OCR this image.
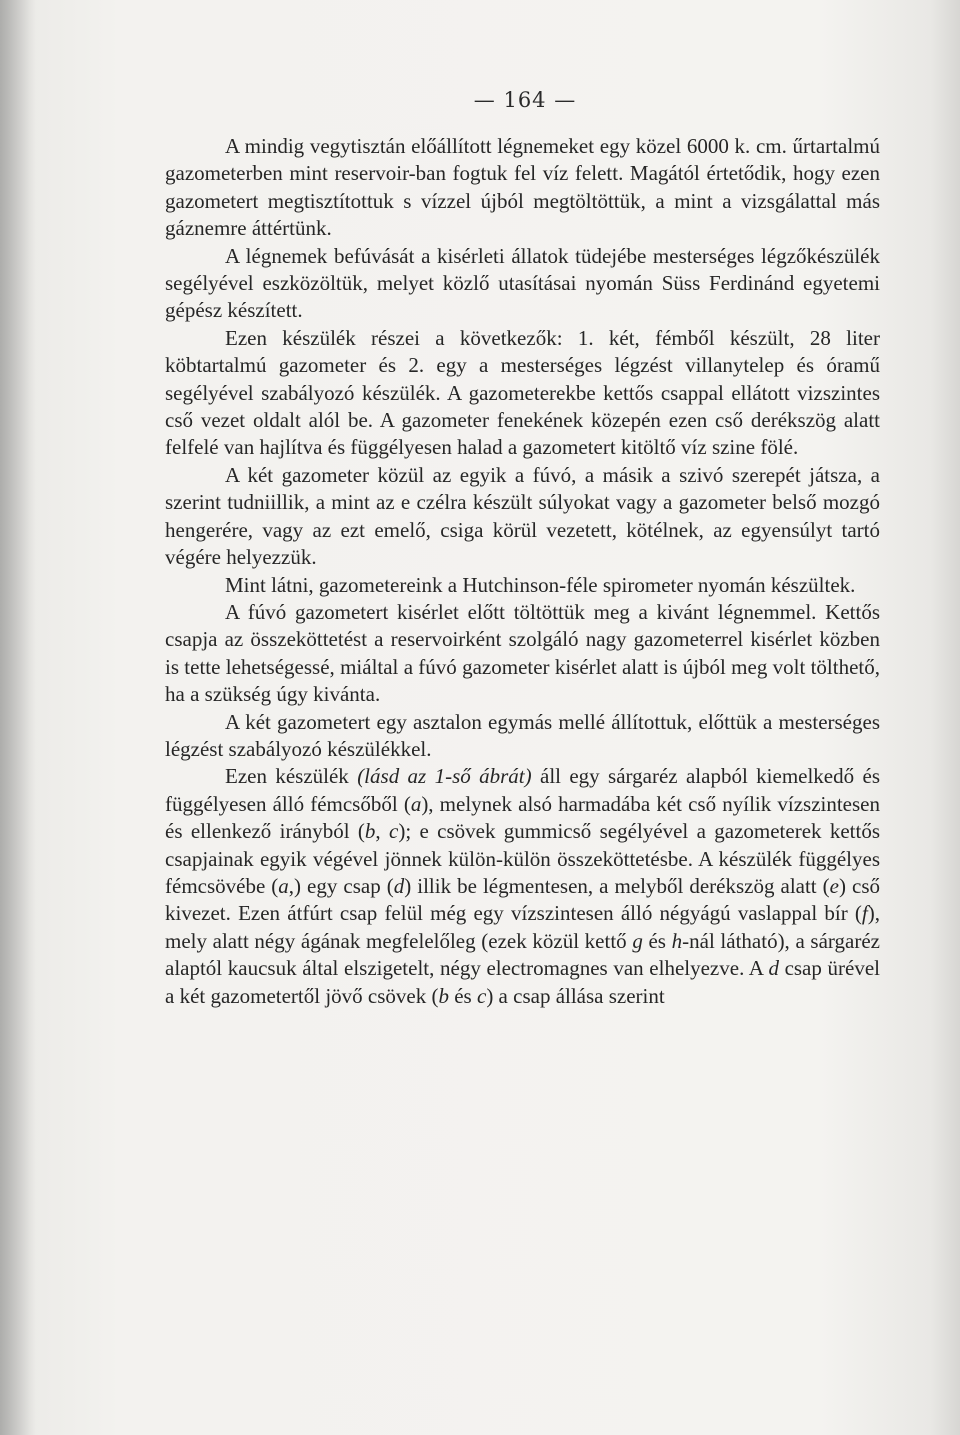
— 164 —

A mindig vegytisztán előállított légnemeket egy közel 6000 k. cm. űrtartalmú gazometerben mint reservoir-ban fogtuk fel víz felett. Magától értetődik, hogy ezen gazometert megtisztítottuk s vízzel újból megtöltöttük, a mint a vizsgálattal más gáznemre áttértünk.

A légnemek befúvását a kisérleti állatok tüdejébe mesterséges légzőkészülék segélyével eszközöltük, melyet közlő utasításai nyomán Süss Ferdinánd egyetemi gépész készített.

Ezen készülék részei a következők: 1. két, fémből készült, 28 liter köbtartalmú gazometer és 2. egy a mesterséges légzést villanytelep és óramű segélyével szabályozó készülék. A gazometerekbe kettős csappal ellátott vizszintes cső vezet oldalt alól be. A gazometer fenekének közepén ezen cső derékszög alatt felfelé van hajlítva és függélyesen halad a gazometert kitöltő víz szine fölé.

A két gazometer közül az egyik a fúvó, a másik a szivó szerepét játsza, a szerint tudniillik, a mint az e czélra készült súlyokat vagy a gazometer belső mozgó hengerére, vagy az ezt emelő, csiga körül vezetett, kötélnek, az egyensúlyt tartó végére helyezzük.

Mint látni, gazometereink a Hutchinson-féle spirometer nyomán készültek.

A fúvó gazometert kisérlet előtt töltöttük meg a kivánt légnemmel. Kettős csapja az összeköttetést a reservoirként szolgáló nagy gazometerrel kisérlet közben is tette lehetségessé, miáltal a fúvó gazometer kisérlet alatt is újból meg volt tölthető, ha a szükség úgy kivánta.

A két gazometert egy asztalon egymás mellé állítottuk, előttük a mesterséges légzést szabályozó készülékkel.

Ezen készülék (lásd az 1-ső ábrát) áll egy sárgaréz alapból kiemelkedő és függélyesen álló fémcsőből (a), melynek alsó harmadába két cső nyílik vízszintesen és ellenkező irányból (b, c); e csövek gummicső segélyével a gazometerek kettős csapjainak egyik végével jönnek külön-külön összeköttetésbe. A készülék függélyes fémcsövébe (a,) egy csap (d) illik be légmentesen, a melyből derékszög alatt (e) cső kivezet. Ezen átfúrt csap felül még egy vízszintesen álló négyágú vaslappal bír (f), mely alatt négy ágának megfelelőleg (ezek közül kettő g és h-nál látható), a sárgaréz alaptól kaucsuk által elszigetelt, négy electromagnes van elhelyezve. A d csap ürével a két gazometertől jövő csövek (b és c) a csap állása szerint
